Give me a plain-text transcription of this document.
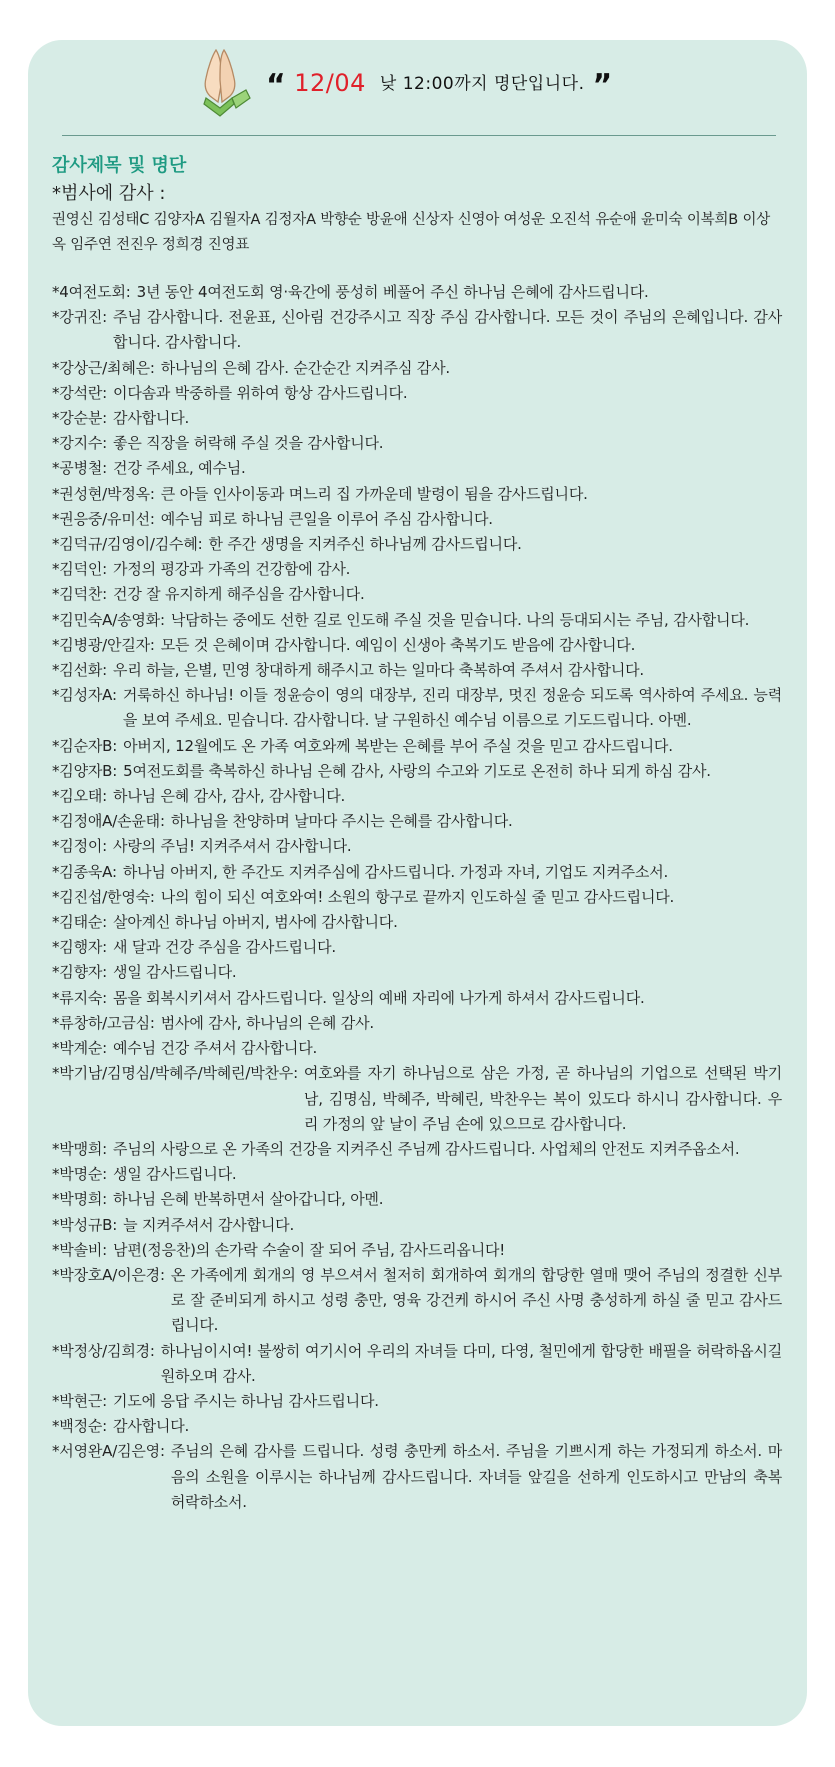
“ 12/04 낮 12:00까지 명단입니다. ”

감사제목 및 명단

*범사에 감사 :

권영신 김성태C 김양자A 김월자A 김정자A 박향순 방윤애 신상자 신영아 여성운 오진석 유순애 윤미숙 이복희B 이상옥 임주연 전진우 정희경 진영표

*4여전도회: 3년 동안 4여전도회 영·육간에 풍성히 베풀어 주신 하나님 은혜에 감사드립니다.
*강귀진: 주님 감사합니다. 전윤표, 신아림 건강주시고 직장 주심 감사합니다. 모든 것이 주님의 은혜입니다. 감사합니다. 감사합니다.
*강상근/최혜은: 하나님의 은혜 감사. 순간순간 지켜주심 감사.
*강석란: 이다솜과 박중하를 위하여 항상 감사드립니다.
*강순분: 감사합니다.
*강지수: 좋은 직장을 허락해 주실 것을 감사합니다.
*공병철: 건강 주세요, 예수님.
*권성현/박정옥: 큰 아들 인사이동과 며느리 집 가까운데 발령이 됨을 감사드립니다.
*권응중/유미선: 예수님 피로 하나님 큰일을 이루어 주심 감사합니다.
*김덕규/김영이/김수혜: 한 주간 생명을 지켜주신 하나님께 감사드립니다.
*김덕인: 가정의 평강과 가족의 건강함에 감사.
*김덕찬: 건강 잘 유지하게 해주심을 감사합니다.
*김민숙A/송영화: 낙담하는 중에도 선한 길로 인도해 주실 것을 믿습니다. 나의 등대되시는 주님, 감사합니다.
*김병광/안길자: 모든 것 은혜이며 감사합니다. 예임이 신생아 축복기도 받음에 감사합니다.
*김선화: 우리 하늘, 은별, 민영 창대하게 해주시고 하는 일마다 축복하여 주셔서 감사합니다.
*김성자A: 거룩하신 하나님! 이들 정윤승이 영의 대장부, 진리 대장부, 멋진 정윤승 되도록 역사하여 주세요. 능력을 보여 주세요. 믿습니다. 감사합니다. 날 구원하신 예수님 이름으로 기도드립니다. 아멘.
*김순자B: 아버지, 12월에도 온 가족 여호와께 복받는 은혜를 부어 주실 것을 믿고 감사드립니다.
*김양자B: 5여전도회를 축복하신 하나님 은혜 감사, 사랑의 수고와 기도로 온전히 하나 되게 하심 감사.
*김오태: 하나님 은혜 감사, 감사, 감사합니다.
*김정애A/손윤태: 하나님을 찬양하며 날마다 주시는 은혜를 감사합니다.
*김정이: 사랑의 주님! 지켜주셔서 감사합니다.
*김종욱A: 하나님 아버지, 한 주간도 지켜주심에 감사드립니다. 가정과 자녀, 기업도 지켜주소서.
*김진섭/한영숙: 나의 힘이 되신 여호와여! 소원의 항구로 끝까지 인도하실 줄 믿고 감사드립니다.
*김태순: 살아계신 하나님 아버지, 범사에 감사합니다.
*김행자: 새 달과 건강 주심을 감사드립니다.
*김향자: 생일 감사드립니다.
*류지숙: 몸을 회복시키셔서 감사드립니다. 일상의 예배 자리에 나가게 하셔서 감사드립니다.
*류창하/고금심: 범사에 감사, 하나님의 은혜 감사.
*박계순: 예수님 건강 주셔서 감사합니다.
*박기남/김명심/박혜주/박혜린/박찬우: 여호와를 자기 하나님으로 삼은 가정, 곧 하나님의 기업으로 선택된 박기남, 김명심, 박혜주, 박혜린, 박찬우는 복이 있도다 하시니 감사합니다. 우리 가정의 앞 날이 주님 손에 있으므로 감사합니다.
*박맹희: 주님의 사랑으로 온 가족의 건강을 지켜주신 주님께 감사드립니다. 사업체의 안전도 지켜주옵소서.
*박명순: 생일 감사드립니다.
*박명희: 하나님 은혜 반복하면서 살아갑니다, 아멘.
*박성규B: 늘 지켜주셔서 감사합니다.
*박솔비: 남편(정응찬)의 손가락 수술이 잘 되어 주님, 감사드리옵니다!
*박장호A/이은경: 온 가족에게 회개의 영 부으셔서 철저히 회개하여 회개의 합당한 열매 맺어 주님의 정결한 신부로 잘 준비되게 하시고 성령 충만, 영육 강건케 하시어 주신 사명 충성하게 하실 줄 믿고 감사드립니다.
*박정상/김희경: 하나님이시여! 불쌍히 여기시어 우리의 자녀들 다미, 다영, 철민에게 합당한 배필을 허락하옵시길 원하오며 감사.
*박현근: 기도에 응답 주시는 하나님 감사드립니다.
*백정순: 감사합니다.
*서영완A/김은영: 주님의 은혜 감사를 드립니다. 성령 충만케 하소서. 주님을 기쁘시게 하는 가정되게 하소서. 마음의 소원을 이루시는 하나님께 감사드립니다. 자녀들 앞길을 선하게 인도하시고 만남의 축복 허락하소서.
